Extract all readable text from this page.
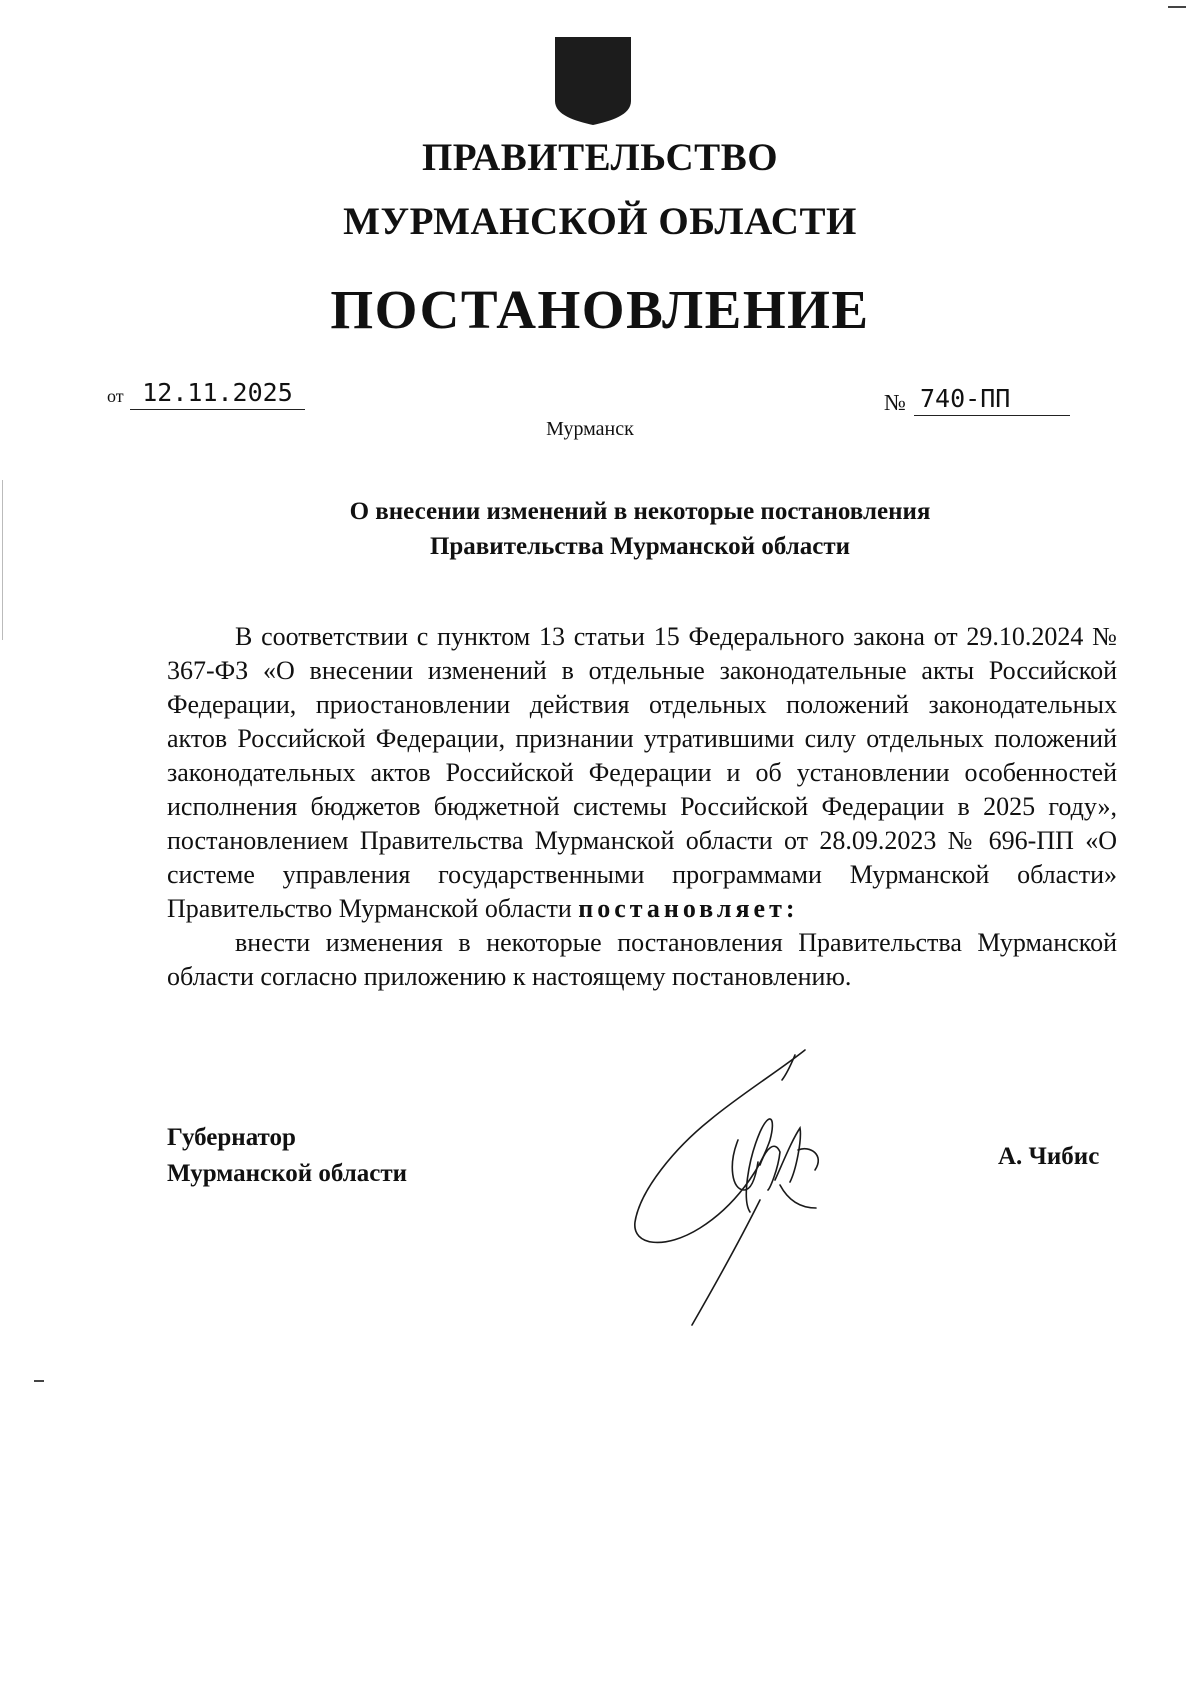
ПРАВИТЕЛЬСТВО
МУРМАНСКОЙ ОБЛАСТИ
ПОСТАНОВЛЕНИЕ
от 12.11.2025	№ 740-ПП
Мурманск
О внесении изменений в некоторые постановления
Правительства Мурманской области

В соответствии с пунктом 13 статьи 15 Федерального закона от 29.10.2024 № 367-ФЗ «О внесении изменений в отдельные законодательные акты Российской Федерации, приостановлении действия отдельных положений законодательных актов Российской Федерации, признании утратившими силу отдельных положений законодательных актов Российской Федерации и об установлении особенностей исполнения бюджетов бюджетной системы Российской Федерации в 2025 году», постановлением Правительства Мурманской области от 28.09.2023 № 696-ПП «О системе управления государственными программами Мурманской области» Правительство Мурманской области постановляет:

внести изменения в некоторые постановления Правительства Мурманской области согласно приложению к настоящему постановлению.

Губернатор
Мурманской области
А. Чибис
